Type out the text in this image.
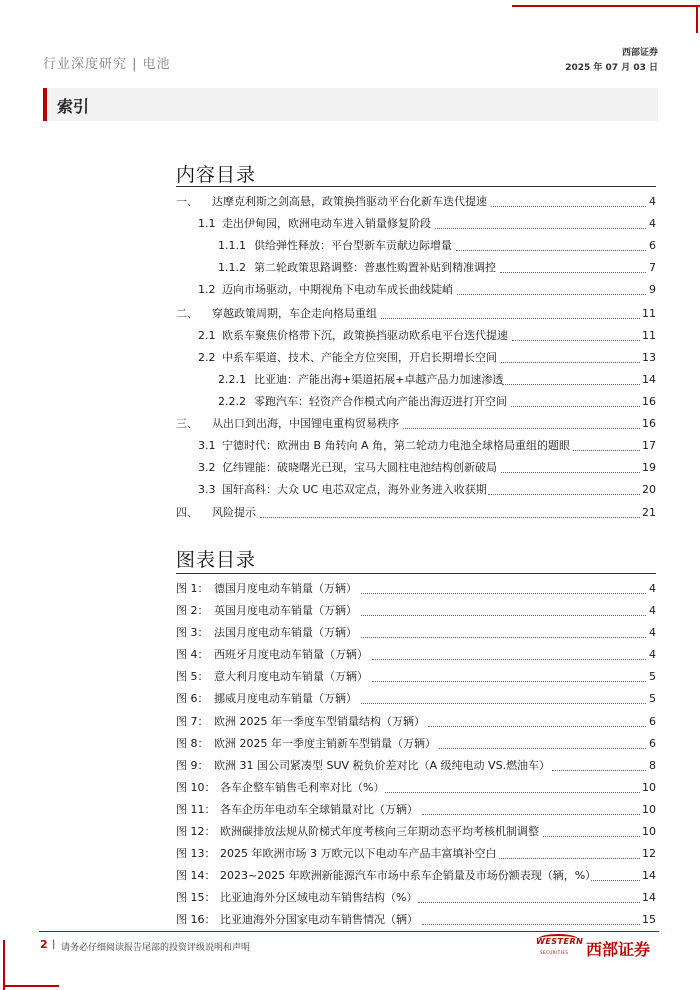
行业深度研究 | 电池
西部证券
2025 年 07 月 03 日
索引
内容目录
一、 达摩克利斯之剑高悬，政策换挡驱动平台化新车迭代提速	4
1.1 走出伊甸园，欧洲电动车进入销量修复阶段	4
1.1.1 供给弹性释放：平台型新车贡献边际增量	6
1.1.2 第二轮政策思路调整：普惠性购置补贴到精准调控	7
1.2 迈向市场驱动，中期视角下电动车成长曲线陡峭	9
二、 穿越政策周期，车企走向格局重组	11
2.1 欧系车聚焦价格带下沉，政策换挡驱动欧系电平台迭代提速	11
2.2 中系车渠道、技术、产能全方位突围，开启长期增长空间	13
2.2.1 比亚迪：产能出海+渠道拓展+卓越产品力加速渗透	14
2.2.2 零跑汽车：轻资产合作模式向产能出海迈进打开空间	16
三、 从出口到出海，中国锂电重构贸易秩序	16
3.1 宁德时代：欧洲由 B 角转向 A 角，第二轮动力电池全球格局重组的题眼	17
3.2 亿纬锂能：破晓曙光已现，宝马大圆柱电池结构创新破局	19
3.3 国轩高科：大众 UC 电芯双定点，海外业务进入收获期	20
四、 风险提示	21
图表目录
图 1： 德国月度电动车销量（万辆）	4
图 2： 英国月度电动车销量（万辆）	4
图 3： 法国月度电动车销量（万辆）	4
图 4： 西班牙月度电动车销量（万辆）	4
图 5： 意大利月度电动车销量（万辆）	5
图 6： 挪威月度电动车销量（万辆）	5
图 7： 欧洲 2025 年一季度车型销量结构（万辆）	6
图 8： 欧洲 2025 年一季度主销新车型销量（万辆）	6
图 9： 欧洲 31 国公司紧凑型 SUV 税负价差对比（A 级纯电动 VS.燃油车）	8
图 10： 各车企整车销售毛利率对比（%）	10
图 11： 各车企历年电动车全球销量对比（万辆）	10
图 12： 欧洲碳排放法规从阶梯式年度考核向三年期动态平均考核机制调整	10
图 13： 2025 年欧洲市场 3 万欧元以下电动车产品丰富填补空白	12
图 14： 2023~2025 年欧洲新能源汽车市场中系车企销量及市场份额表现（辆，%）	14
图 15： 比亚迪海外分区域电动车销售结构（%）	14
图 16： 比亚迪海外分国家电动车销售情况（辆）	15
2 | 请务必仔细阅读报告尾部的投资评级说明和声明
WESTERN
SECURITIES 西部证券
